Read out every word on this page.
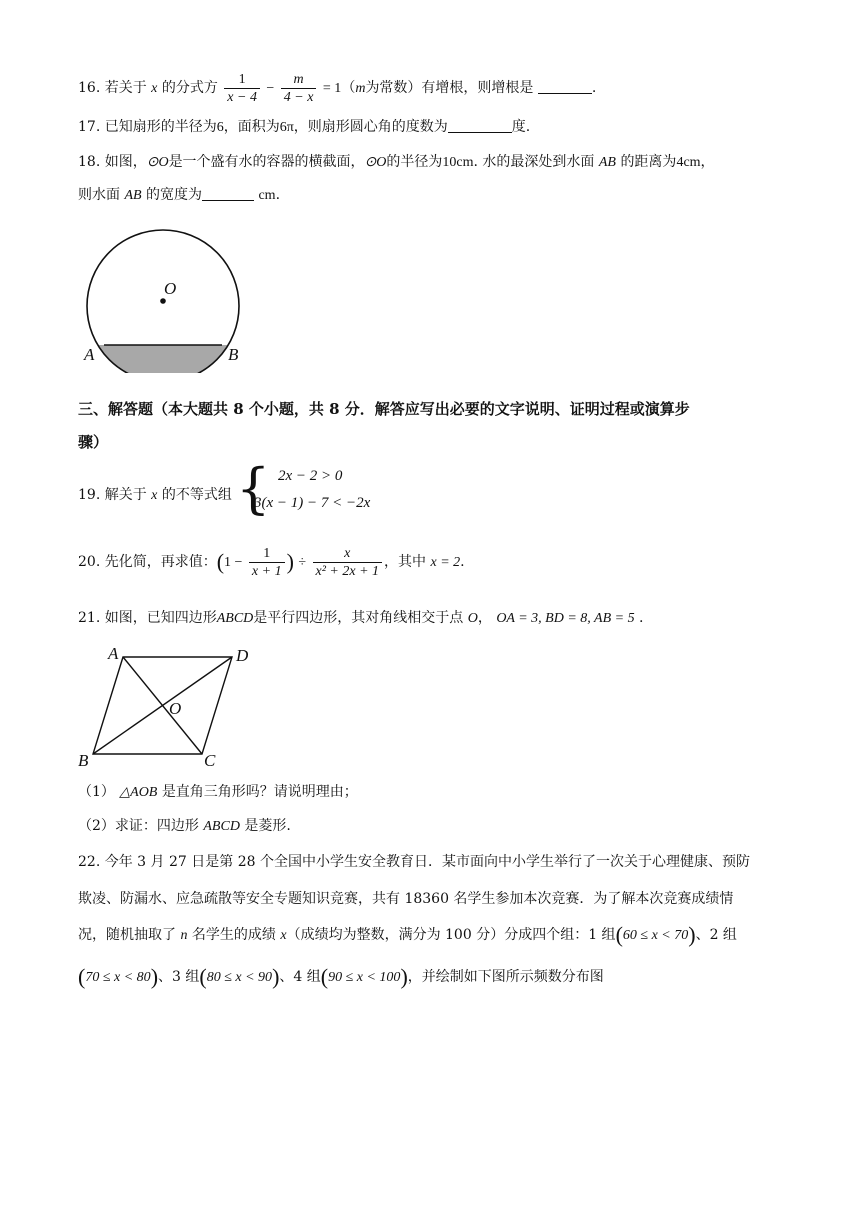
16. 若关于 x 的分式方 $\frac{1}{x - 4} - \frac{m}{4 - x} = 1(m$为常数）有增根，则增根是	.
17. 已知扇形的半径为6，面积为6π，则扇形圆心角的度数为	度.
18. 如图，⊙O是一个盛有水的容器的横截面，⊙O的半径为10cm. 水的最深处到水面 AB 的距离为4cm，
则水面 AB 的宽度为	cm.
O
A	B
三、解答题（本大题共 8 个小题，共 8 分．解答应写出必要的文字说明、证明过程或演算步
骤）
19. 解关于 x 的不等式组 { 2x − 2 > 0
3(x − 1) − 7 < −2x
20. 先化简，再求值：($1 - \frac{1}{x + 1}$ ) ÷ $\frac{x}{\text{x² + 2x + 1}}$ ，其中 x = 2.
21. 如图，已知四边形ABCD是平行四边形，其对角线相交于点 O， OA = 3, BD = 8, AB = 5 .
A	D
O
B	C
（1） △AOB 是直角三角形吗？请说明理由；
（2）求证：四边形 ABCD 是菱形.
22. 今年 3 月 27 日是第 28 个全国中小学生安全教育日．某市面向中小学生举行了一次关于心理健康、预防
欺凌、防漏水、应急疏散等安全专题知识竞赛，共有 18360 名学生参加本次竞赛．为了解本次竞赛成绩情
况，随机抽取了 n 名学生的成绩 x（成绩均为整数，满分为 100 分）分成四个组：1 组(60 ≤ x < 70)、2 组
(70 ≤ x < 80)、3 组(80 ≤ x < 90)、4 组(90 ≤ x < 100)，并绘制如下图所示频数分布图
